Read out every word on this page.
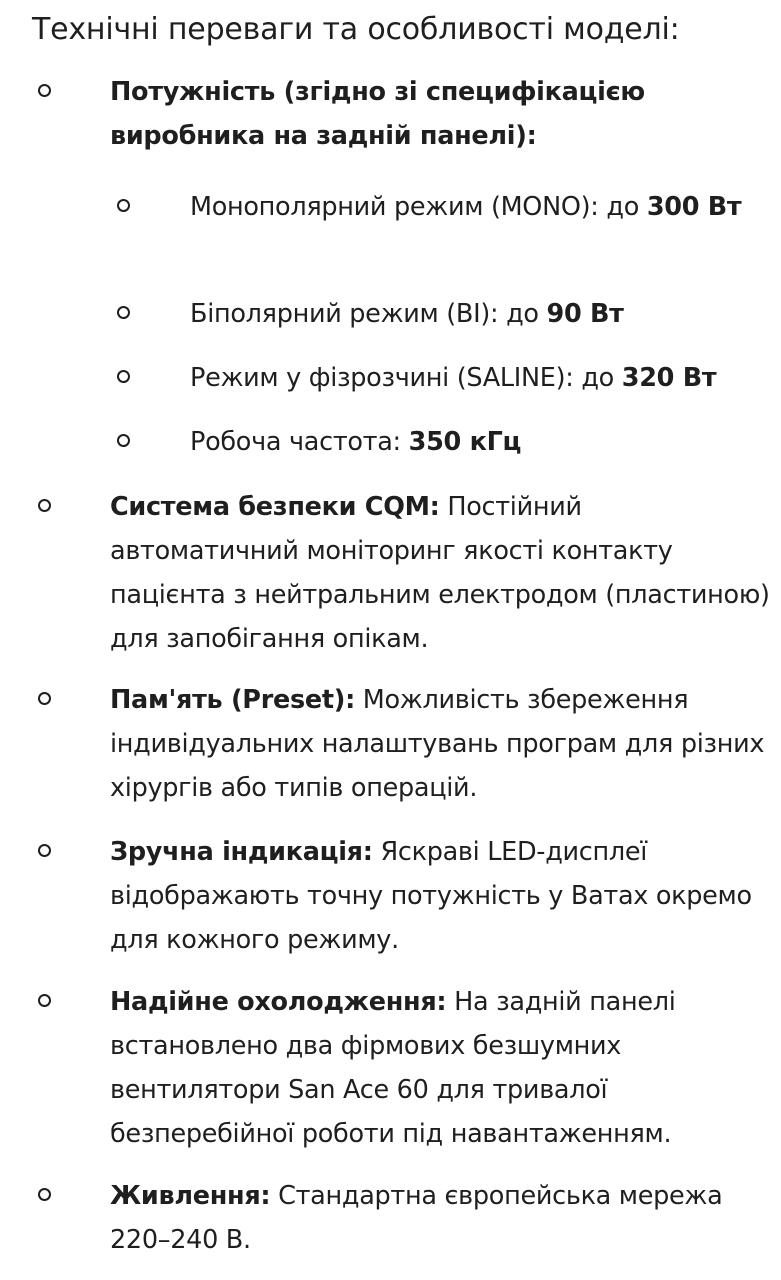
Технічні переваги та особливості моделі:
Потужність (згідно зі специфікацією виробника на задній панелі):
Монополярний режим (MONO): до 300 Вт
Біполярний режим (BI): до 90 Вт
Режим у фізрозчині (SALINE): до 320 Вт
Робоча частота: 350 кГц
Система безпеки CQM: Постійний автоматичний моніторинг якості контакту пацієнта з нейтральним електродом (пластиною) для запобігання опікам.
Пам'ять (Preset): Можливість збереження індивідуальних налаштувань програм для різних хірургів або типів операцій.
Зручна індикація: Яскраві LED-дисплеї відображають точну потужність у Ватах окремо для кожного режиму.
Надійне охолодження: На задній панелі встановлено два фірмових безшумних вентилятори San Ace 60 для тривалої безперебійної роботи під навантаженням.
Живлення: Стандартна європейська мережа 220–240 В.
